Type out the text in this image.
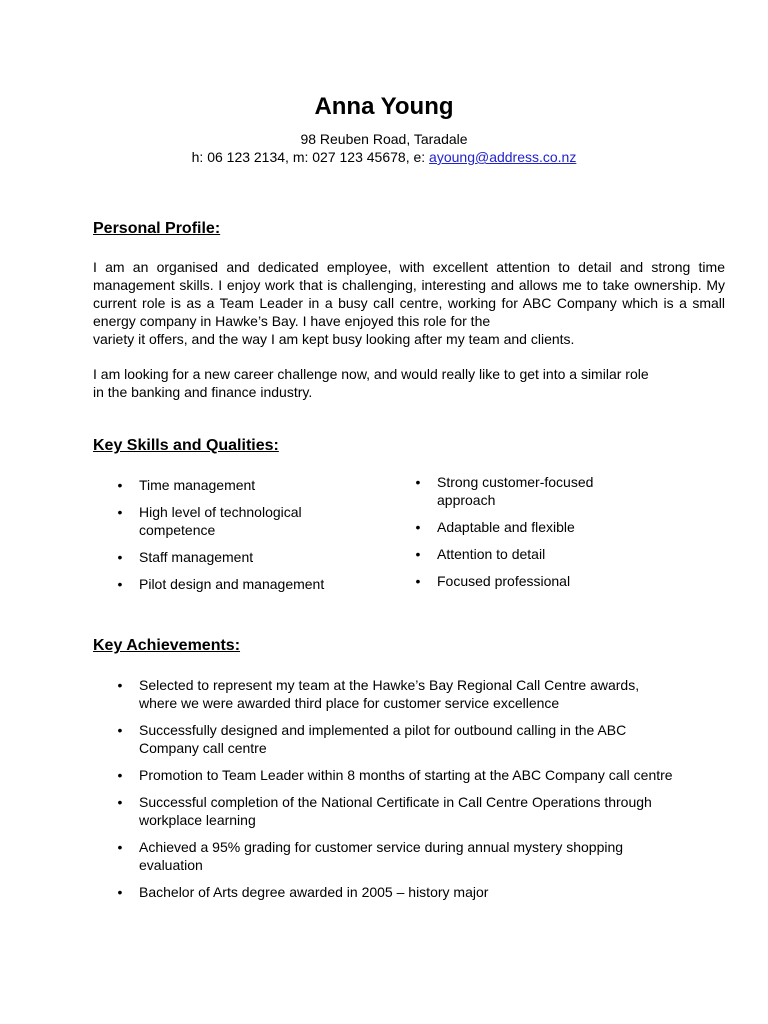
Anna Young
98 Reuben Road, Taradale
h: 06 123 2134, m: 027 123 45678, e: ayoung@address.co.nz
Personal Profile:
I am an organised and dedicated employee, with excellent attention to detail and strong time management skills. I enjoy work that is challenging, interesting and allows me to take ownership. My current role is as a Team Leader in a busy call centre, working for ABC Company which is a small energy company in Hawke’s Bay. I have enjoyed this role for the
variety it offers, and the way I am kept busy looking after my team and clients.
I am looking for a new career challenge now, and would really like to get into a similar role
in the banking and finance industry.
Key Skills and Qualities:
• Time management
• High level of technological competence
• Staff management
• Pilot design and management
• Strong customer-focused approach
• Adaptable and flexible
• Attention to detail
• Focused professional
Key Achievements:
• Selected to represent my team at the Hawke’s Bay Regional Call Centre awards, where we were awarded third place for customer service excellence
• Successfully designed and implemented a pilot for outbound calling in the ABC Company call centre
• Promotion to Team Leader within 8 months of starting at the ABC Company call centre
• Successful completion of the National Certificate in Call Centre Operations through workplace learning
• Achieved a 95% grading for customer service during annual mystery shopping evaluation
• Bachelor of Arts degree awarded in 2005 – history major
